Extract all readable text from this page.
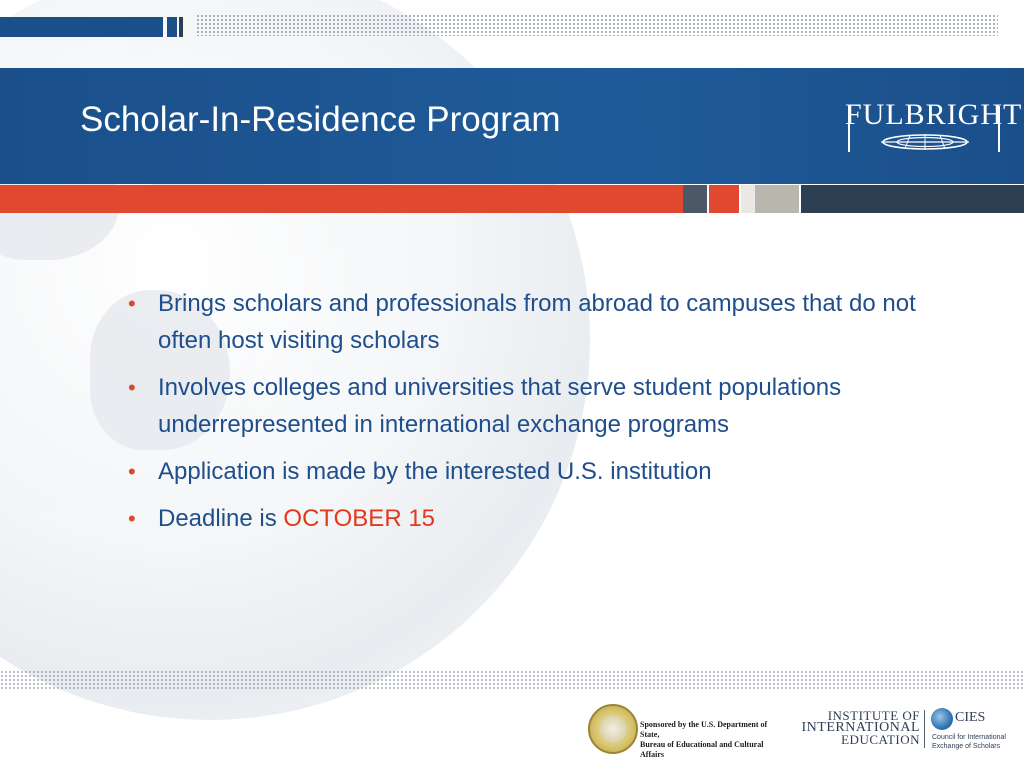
Scholar-In-Residence Program	FULBRIGHT
• Brings scholars and professionals from abroad to campuses that do not often host visiting scholars
• Involves colleges and universities that serve student populations underrepresented in international exchange programs
• Application is made by the interested U.S. institution
• Deadline is OCTOBER 15
Sponsored by the U.S. Department of State,
Bureau of Educational and Cultural Affairs
INSTITUTE OF
INTERNATIONAL
EDUCATION
CIES
Council for International
Exchange of Scholars
